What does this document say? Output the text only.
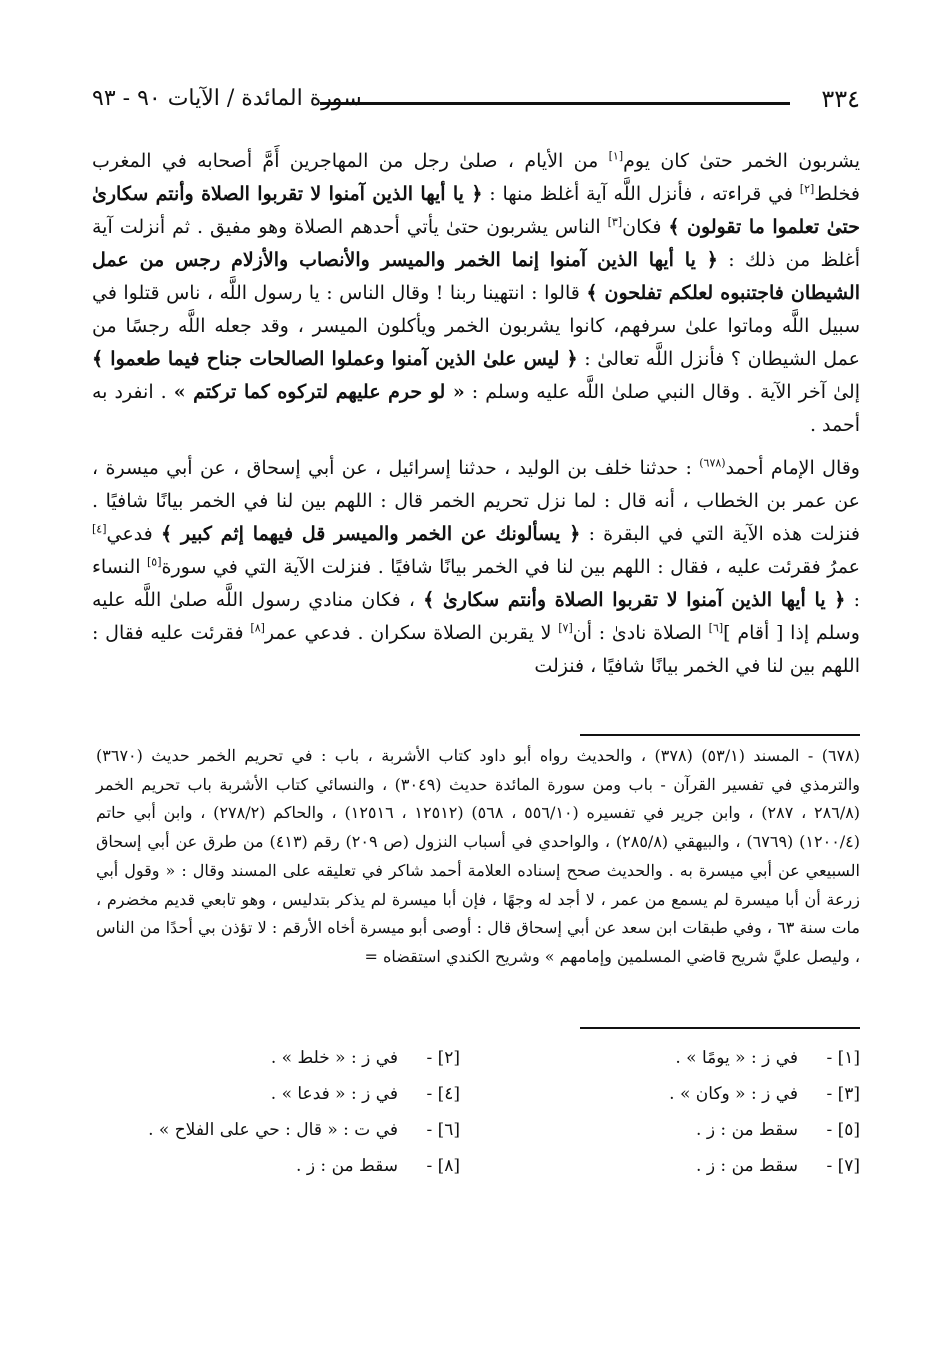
٣٣٤
سورة المائدة / الآيات ٩٠ - ٩٣

يشربون الخمر حتىٰ كان يوم[١] من الأيام ، صلىٰ رجل من المهاجرين أَمَّ أصحابه في المغرب فخلط[٢] في قراءته ، فأنزل اللَّه آية أغلظ منها : ﴿ يا أيها الذين آمنوا لا تقربوا الصلاة وأنتم سكارىٰ حتىٰ تعلموا ما تقولون ﴾ فكان[٣] الناس يشربون حتىٰ يأتي أحدهم الصلاة وهو مفيق . ثم أنزلت آية أغلظ من ذلك : ﴿ يا أيها الذين آمنوا إنما الخمر والميسر والأنصاب والأزلام رجس من عمل الشيطان فاجتنبوه لعلكم تفلحون ﴾ قالوا : انتهينا ربنا ! وقال الناس : يا رسول اللَّه ، ناس قتلوا في سبيل اللَّه وماتوا علىٰ سرفهم، كانوا يشربون الخمر ويأكلون الميسر ، وقد جعله اللَّه رجسًا من عمل الشيطان ؟ فأنزل اللَّه تعالىٰ : ﴿ ليس علىٰ الذين آمنوا وعملوا الصالحات جناح فيما طعموا ﴾ إلىٰ آخر الآية . وقال النبي صلىٰ اللَّه عليه وسلم : « لو حرم عليهم لتركوه كما تركتم » . انفرد به أحمد .

وقال الإمام أحمد$^{(٦٧٨)}$ : حدثنا خلف بن الوليد ، حدثنا إسرائيل ، عن أبي إسحاق ، عن أبي ميسرة ، عن عمر بن الخطاب ، أنه قال : لما نزل تحريم الخمر قال : اللهم بين لنا في الخمر بيانًا شافيًا . فنزلت هذه الآية التي في البقرة : ﴿ يسألونك عن الخمر والميسر قل فيهما إثم كبير ﴾ فدعي[٤] عمرُ فقرئت عليه ، فقال : اللهم بين لنا في الخمر بيانًا شافيًا . فنزلت الآية التي في سورة[٥] النساء : ﴿ يا أيها الذين آمنوا لا تقربوا الصلاة وأنتم سكارىٰ ﴾ ، فكان منادي رسول اللَّه صلىٰ اللَّه عليه وسلم إذا [ أقام ][٦] الصلاة نادىٰ : أن[٧] لا يقربن الصلاة سكران . فدعي عمر[٨] فقرئت عليه فقال : اللهم بين لنا في الخمر بيانًا شافيًا ، فنزلت

(٦٧٨) - المسند (٥٣/١) (٣٧٨) ، والحديث رواه أبو داود كتاب الأشربة ، باب : في تحريم الخمر حديث (٣٦٧٠) والترمذي في تفسير القرآن - باب ومن سورة المائدة حديث (٣٠٤٩) ، والنسائي كتاب الأشربة باب تحريم الخمر (٢٨٦/٨ ، ٢٨٧) ، وابن جرير في تفسيره (٥٥٦/١٠ ، ٥٦٨) (١٢٥١٢ ، ١٢٥١٦) ، والحاكم (٢٧٨/٢) ، وابن أبي حاتم (١٢٠٠/٤) (٦٧٦٩) ، والبيهقي (٢٨٥/٨) ، والواحدي في أسباب النزول (ص ٢٠٩) رقم (٤١٣) من طرق عن أبي إسحاق السبيعي عن أبي ميسرة به . والحديث صحح إسناده العلامة أحمد شاكر في تعليقه على المسند وقال : « وقول أبي زرعة أن أبا ميسرة لم يسمع من عمر ، لا أجد له وجهًا ، فإن أبا ميسرة لم يذكر بتدليس ، وهو تابعي قديم مخضرم ، مات سنة ٦٣ ، وفي طبقات ابن سعد عن أبي إسحاق قال : أوصى أبو ميسرة أخاه الأرقم : لا تؤذن بي أحدًا من الناس ، وليصل عليَّ شريح قاضي المسلمين وإمامهم » وشريح الكندي استقضاه =

[١] -في ز : « يومًا » .
[٢] -في ز : « خلط » .
[٣] -في ز : « وكان » .
[٤] -في ز : « فدعا » .
[٥] -سقط من : ز .
[٦] -في ت : « قال : حي على الفلاح » .
[٧] -سقط من : ز .
[٨] -سقط من : ز .
